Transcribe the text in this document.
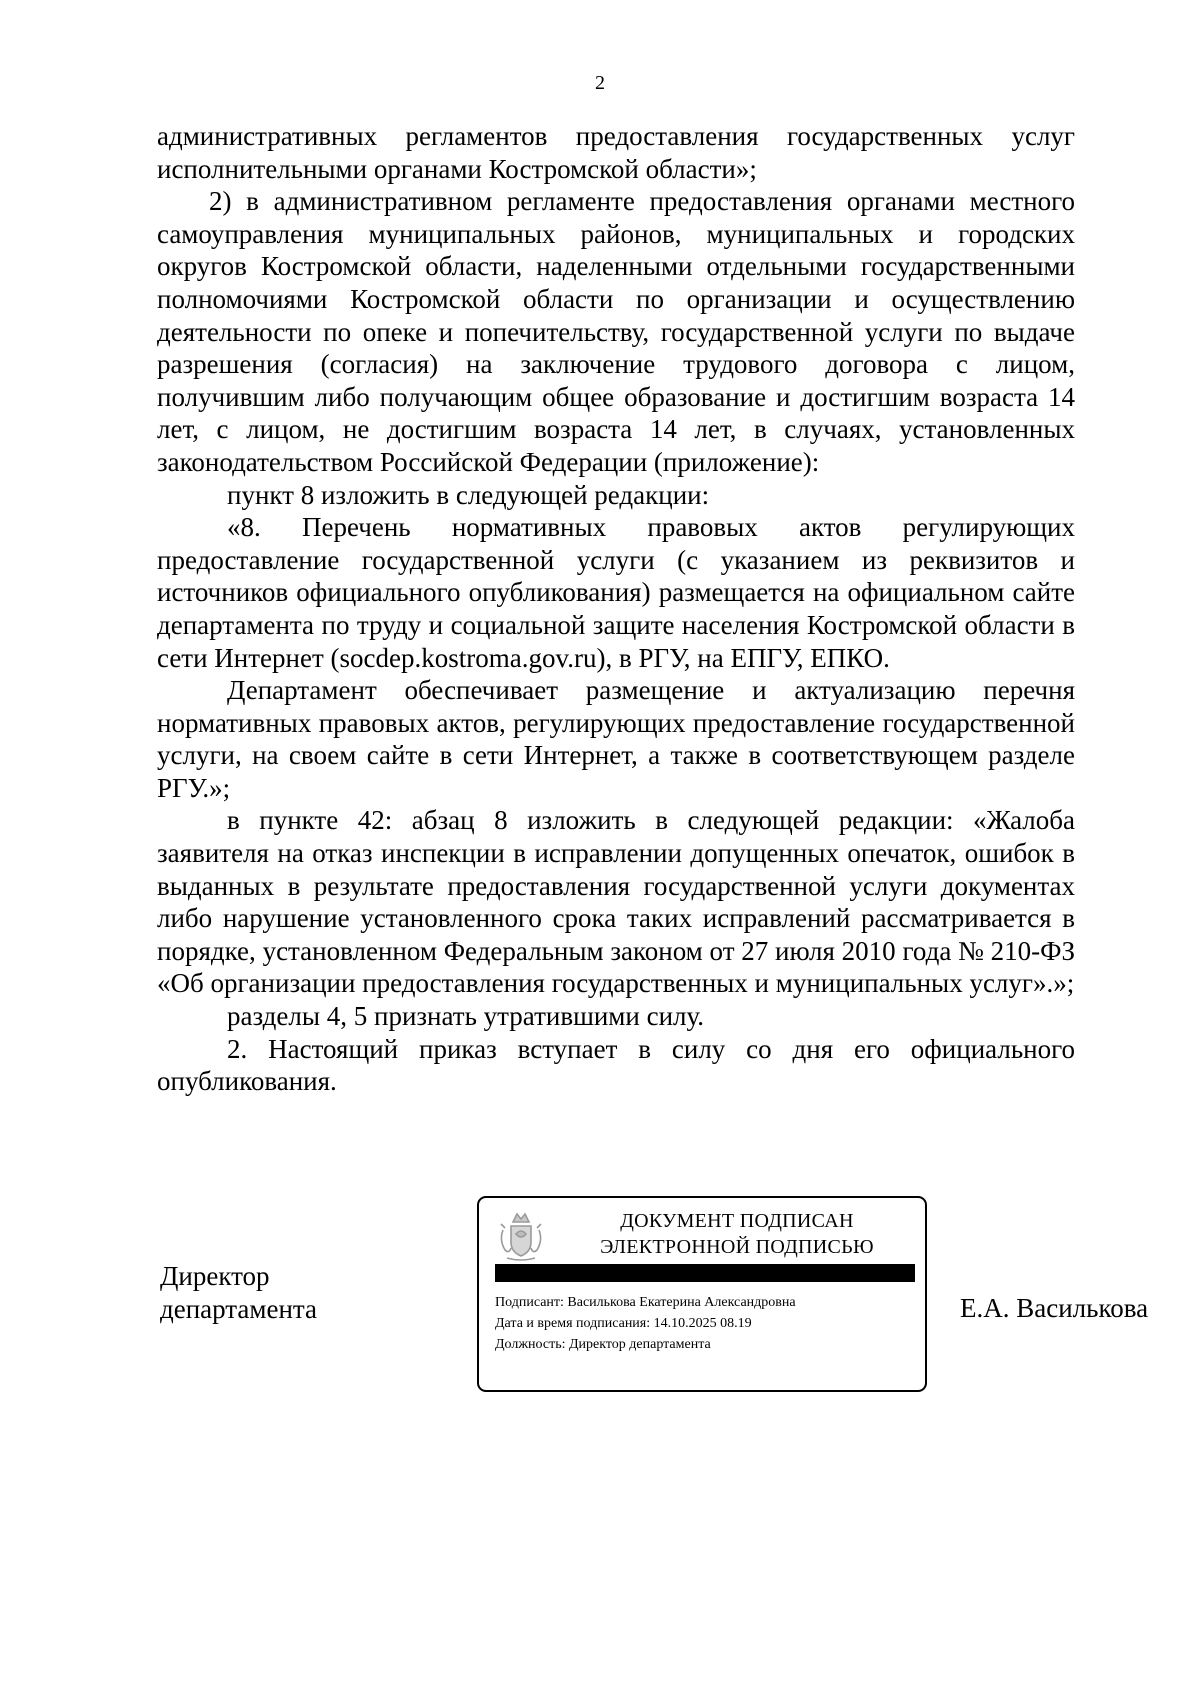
2

административных регламентов предоставления государственных услуг исполнительными органами Костромской области»;

2) в административном регламенте предоставления органами местного самоуправления муниципальных районов, муниципальных и городских округов Костромской области, наделенными отдельными государственными полномочиями Костромской области по организации и осуществлению деятельности по опеке и попечительству, государственной услуги по выдаче разрешения (согласия) на заключение трудового договора с лицом, получившим либо получающим общее образование и достигшим возраста 14 лет, с лицом, не достигшим возраста 14 лет, в случаях, установленных законодательством Российской Федерации (приложение):

пункт 8 изложить в следующей редакции:

«8. Перечень нормативных правовых актов регулирующих предоставление государственной услуги (с указанием из реквизитов и источников официального опубликования) размещается на официальном сайте департамента по труду и социальной защите населения Костромской области в сети Интернет (socdep.kostroma.gov.ru), в РГУ, на ЕПГУ, ЕПКО.

Департамент обеспечивает размещение и актуализацию перечня нормативных правовых актов, регулирующих предоставление государственной услуги, на своем сайте в сети Интернет, а также в соответствующем разделе РГУ.»;

в пункте 42: абзац 8 изложить в следующей редакции: «Жалоба заявителя на отказ инспекции в исправлении допущенных опечаток, ошибок в выданных в результате предоставления государственной услуги документах либо нарушение установленного срока таких исправлений рассматривается в порядке, установленном Федеральным законом от 27 июля 2010 года № 210-ФЗ «Об организации предоставления государственных и муниципальных услуг».»;

разделы 4, 5 признать утратившими силу.

2. Настоящий приказ вступает в силу со дня его официального опубликования.

Директор
департамента
ДОКУМЕНТ ПОДПИСАН
ЭЛЕКТРОННОЙ ПОДПИСЬЮ
Подписант: Василькова Екатерина Александровна
Дата и время подписания: 14.10.2025 08.19
Должность: Директор департамента
Е.А. Василькова
